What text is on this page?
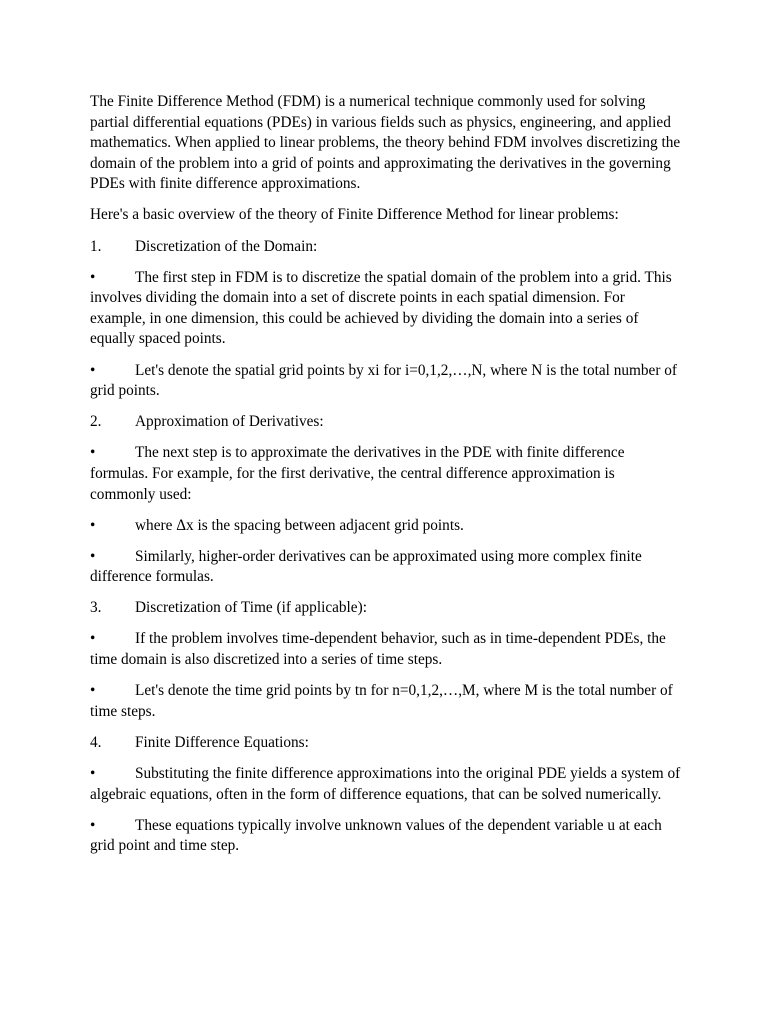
The Finite Difference Method (FDM) is a numerical technique commonly used for solving partial differential equations (PDEs) in various fields such as physics, engineering, and applied mathematics. When applied to linear problems, the theory behind FDM involves discretizing the domain of the problem into a grid of points and approximating the derivatives in the governing PDEs with finite difference approximations.

Here's a basic overview of the theory of Finite Difference Method for linear problems:

1. Discretization of the Domain:
•	The first step in FDM is to discretize the spatial domain of the problem into a grid. This involves dividing the domain into a set of discrete points in each spatial dimension. For example, in one dimension, this could be achieved by dividing the domain into a series of equally spaced points.
•	Let's denote the spatial grid points by xi for i=0,1,2,…,N, where N is the total number of grid points.
2. Approximation of Derivatives:
•	The next step is to approximate the derivatives in the PDE with finite difference formulas. For example, for the first derivative, the central difference approximation is commonly used:
•	where Δx is the spacing between adjacent grid points.
•	Similarly, higher-order derivatives can be approximated using more complex finite difference formulas.
3. Discretization of Time (if applicable):
•	If the problem involves time-dependent behavior, such as in time-dependent PDEs, the time domain is also discretized into a series of time steps.
•	Let's denote the time grid points by tn for n=0,1,2,…,M, where M is the total number of time steps.
4. Finite Difference Equations:
•	Substituting the finite difference approximations into the original PDE yields a system of algebraic equations, often in the form of difference equations, that can be solved numerically.
•	These equations typically involve unknown values of the dependent variable u at each grid point and time step.
